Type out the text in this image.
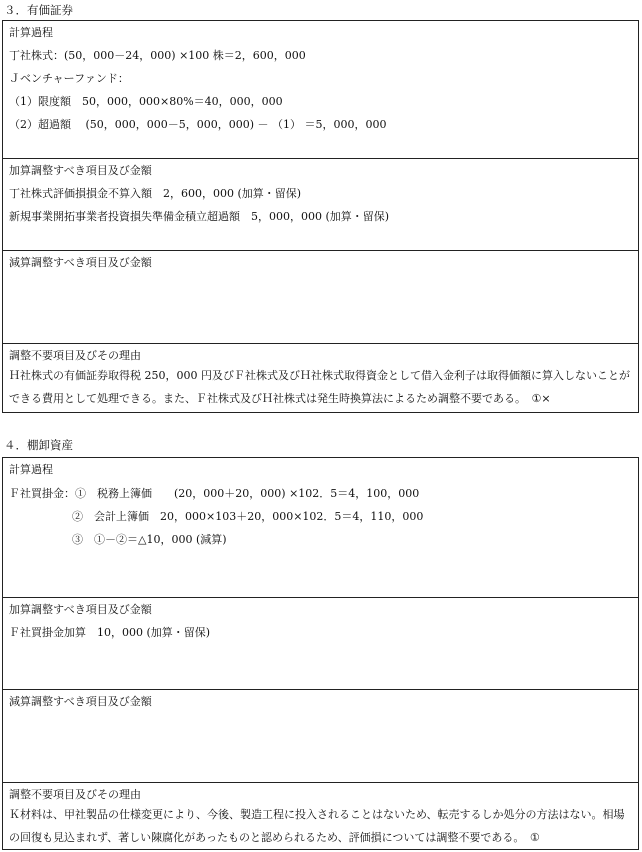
３．有価証券
計算過程
丁社株式：(50，000－24，000) ×100 株＝2，600，000
Ｊベンチャーファンド：
（1）限度額　50，000，000×80%＝40，000，000
（2）超過額　 (50，000，000－5，000，000) － （1） ＝5，000，000
加算調整すべき項目及び金額
丁社株式評価損損金不算入額　2，600，000 (加算・留保)
新規事業開拓事業者投資損失準備金積立超過額　5，000，000 (加算・留保)
減算調整すべき項目及び金額
調整不要項目及びその理由
Ｈ社株式の有価証券取得税 250，000 円及びＦ社株式及びＨ社株式取得資金として借入金利子は取得価額に算入しないことができる費用として処理できる。また、Ｆ社株式及びＨ社株式は発生時換算法によるため調整不要である。　 ①×
４．棚卸資産
計算過程
Ｆ社買掛金：①　 税務上簿価　　(20，000＋20，000) ×102．5＝4，100，000
②　 会計上簿価　20，000×103＋20，000×102．5＝4，110，000
③　 ①－②＝△10，000 (減算)
加算調整すべき項目及び金額
Ｆ社買掛金加算　10，000 (加算・留保)
減算調整すべき項目及び金額
調整不要項目及びその理由
Ｋ材料は、甲社製品の仕様変更により、今後、製造工程に投入されることはないため、転売するしか処分の方法はない。相場の回復も見込まれず、著しい陳腐化があったものと認められるため、評価損については調整不要である。　 ①
